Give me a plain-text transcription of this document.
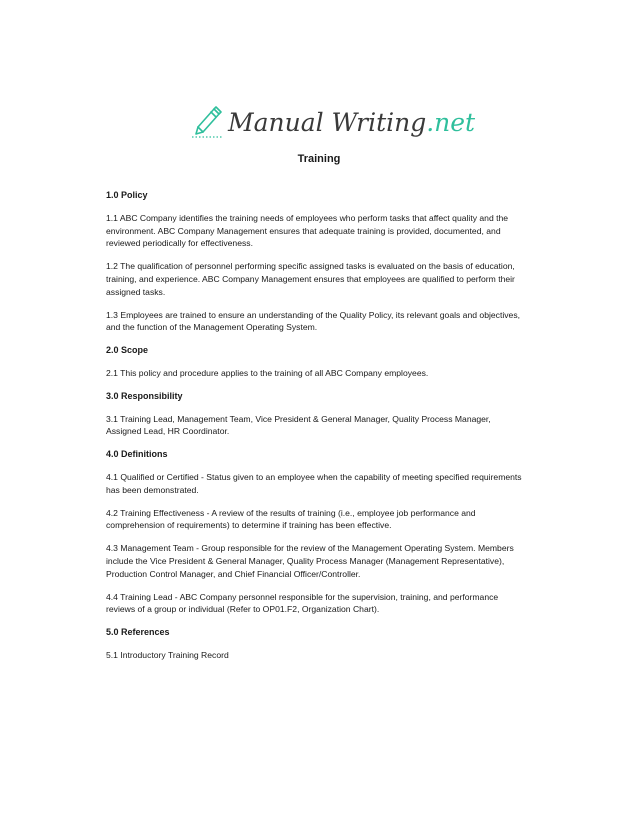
Manual Writing.net
Training
1.0 Policy
1.1 ABC Company identifies the training needs of employees who perform tasks that affect quality and the environment. ABC Company Management ensures that adequate training is provided, documented, and reviewed periodically for effectiveness.
1.2 The qualification of personnel performing specific assigned tasks is evaluated on the basis of education, training, and experience. ABC Company Management ensures that employees are qualified to perform their assigned tasks.
1.3 Employees are trained to ensure an understanding of the Quality Policy, its relevant goals and objectives, and the function of the Management Operating System.
2.0 Scope
2.1 This policy and procedure applies to the training of all ABC Company employees.
3.0 Responsibility
3.1 Training Lead, Management Team, Vice President & General Manager, Quality Process Manager, Assigned Lead, HR Coordinator.
4.0 Definitions
4.1 Qualified or Certified - Status given to an employee when the capability of meeting specified requirements has been demonstrated.
4.2 Training Effectiveness - A review of the results of training (i.e., employee job performance and comprehension of requirements) to determine if training has been effective.
4.3 Management Team - Group responsible for the review of the Management Operating System. Members include the Vice President & General Manager, Quality Process Manager (Management Representative), Production Control Manager, and Chief Financial Officer/Controller.
4.4 Training Lead - ABC Company personnel responsible for the supervision, training, and performance reviews of a group or individual (Refer to OP01.F2, Organization Chart).
5.0 References
5.1 Introductory Training Record
